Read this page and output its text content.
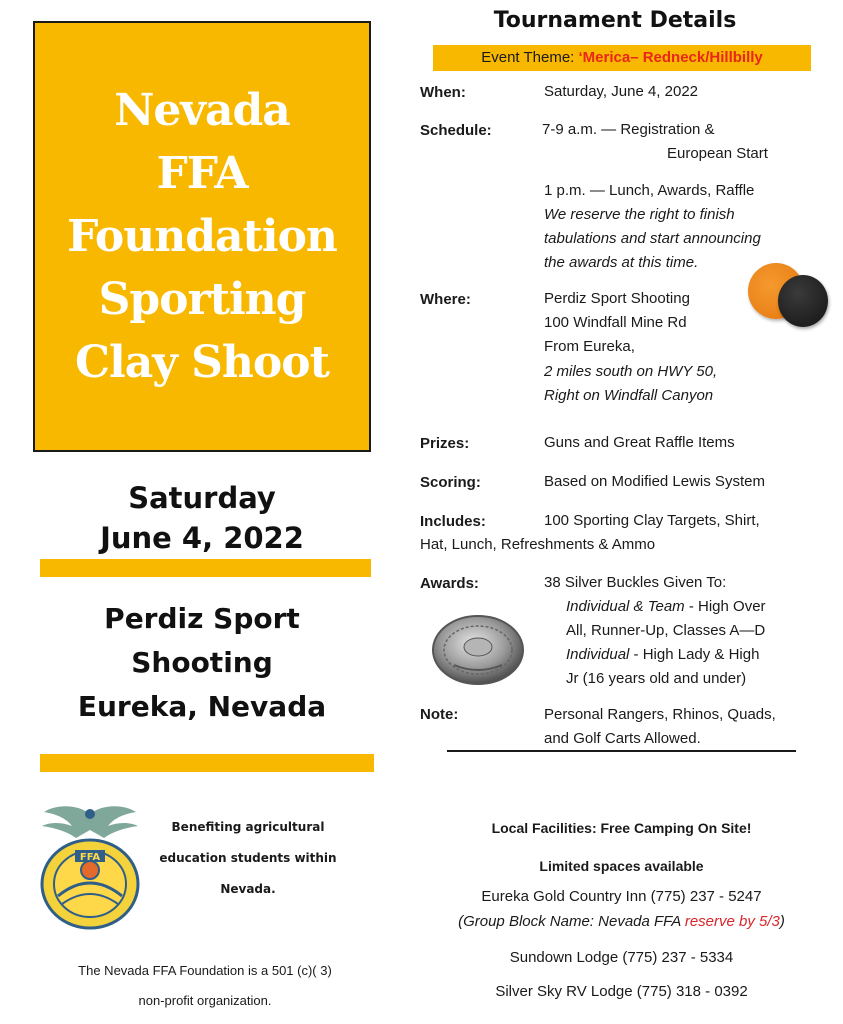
Nevada
FFA
Foundation
Sporting
Clay Shoot
Saturday
June 4, 2022
Perdiz Sport
Shooting
Eureka, Nevada
FFA
Benefiting agricultural
education students within
Nevada.
The Nevada FFA Foundation is a 501 (c)( 3)
non-profit organization.
Tournament Details
Event Theme: ‘Merica– Redneck/Hillbilly
When:	Saturday, June 4, 2022
Schedule:	7-9 a.m. — Registration &
European Start
1 p.m. — Lunch, Awards, Raffle
We reserve the right to finish
tabulations and start announcing
the awards at this time.
Where:	Perdiz Sport Shooting
100 Windfall Mine Rd
From Eureka,
2 miles south on HWY 50,
Right on Windfall Canyon
Prizes:	Guns and Great Raffle Items
Scoring:	Based on Modified Lewis System
Includes:	100 Sporting Clay Targets, Shirt,
Hat, Lunch, Refreshments & Ammo
Awards:	38 Silver Buckles Given To:
Individual & Team - High Over
All, Runner-Up, Classes A—D
Individual - High Lady & High
Jr (16 years old and under)
Note:	Personal Rangers, Rhinos, Quads,
and Golf Carts Allowed.
Local Facilities: Free Camping On Site!
Limited spaces available
Eureka Gold Country Inn (775) 237 - 5247
(Group Block Name: Nevada FFA reserve by 5/3)
Sundown Lodge (775) 237 - 5334
Silver Sky RV Lodge (775) 318 - 0392
